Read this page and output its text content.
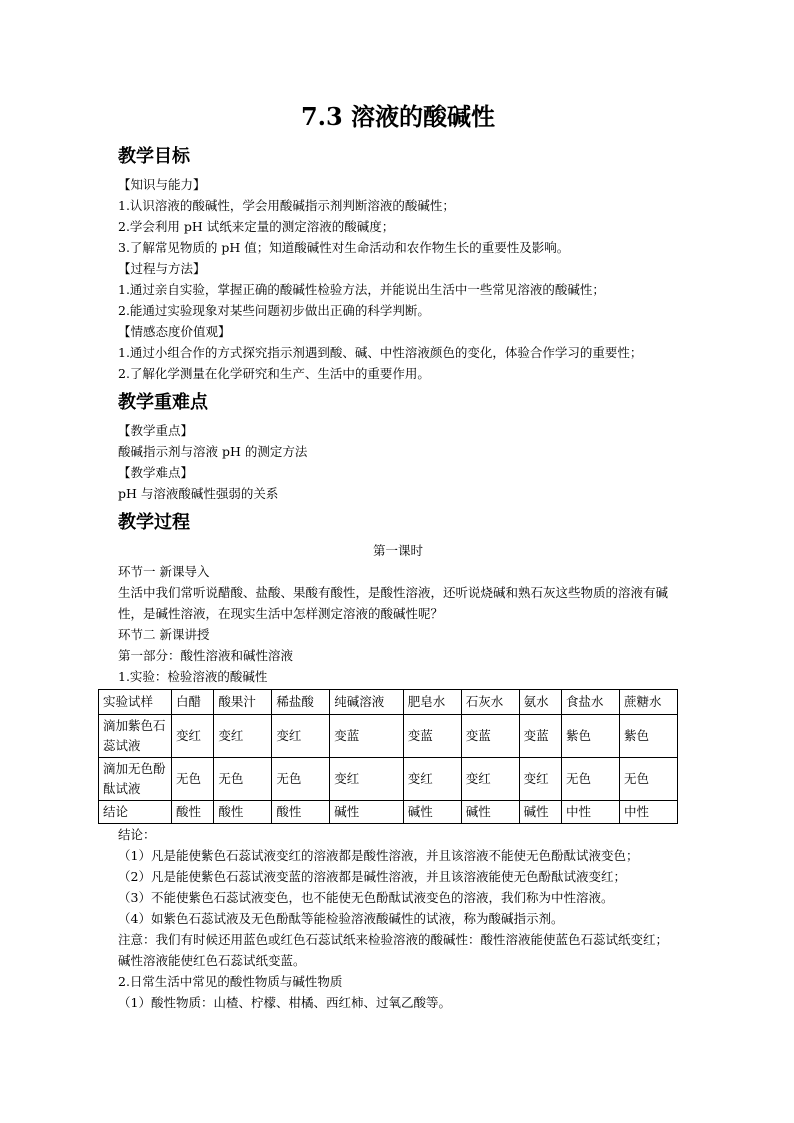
7.3 溶液的酸碱性
教学目标

【知识与能力】

1.认识溶液的酸碱性，学会用酸碱指示剂判断溶液的酸碱性；

2.学会利用 pH 试纸来定量的测定溶液的酸碱度；

3.了解常见物质的 pH 值；知道酸碱性对生命活动和农作物生长的重要性及影响。

【过程与方法】

1.通过亲自实验，掌握正确的酸碱性检验方法，并能说出生活中一些常见溶液的酸碱性；

2.能通过实验现象对某些问题初步做出正确的科学判断。

【情感态度价值观】

1.通过小组合作的方式探究指示剂遇到酸、碱、中性溶液颜色的变化，体验合作学习的重要性；

2.了解化学测量在化学研究和生产、生活中的重要作用。

教学重难点

【教学重点】

酸碱指示剂与溶液 pH 的测定方法

【教学难点】

pH 与溶液酸碱性强弱的关系

教学过程

第一课时

环节一 新课导入

生活中我们常听说醋酸、盐酸、果酸有酸性，是酸性溶液，还听说烧碱和熟石灰这些物质的溶液有碱性，是碱性溶液，在现实生活中怎样测定溶液的酸碱性呢？

环节二 新课讲授

第一部分：酸性溶液和碱性溶液

1.实验：检验溶液的酸碱性

实验试样	白醋	酸果汁	稀盐酸	纯碱溶液	肥皂水	石灰水	氨水	食盐水	蔗糖水
滴加紫色石蕊试液	变红	变红	变红	变蓝	变蓝	变蓝	变蓝	紫色	紫色
滴加无色酚酞试液	无色	无色	无色	变红	变红	变红	变红	无色	无色
结论	酸性	酸性	酸性	碱性	碱性	碱性	碱性	中性	中性

结论：

（1）凡是能使紫色石蕊试液变红的溶液都是酸性溶液，并且该溶液不能使无色酚酞试液变色；

（2）凡是能使紫色石蕊试液变蓝的溶液都是碱性溶液，并且该溶液能使无色酚酞试液变红；

（3）不能使紫色石蕊试液变色，也不能使无色酚酞试液变色的溶液，我们称为中性溶液。

（4）如紫色石蕊试液及无色酚酞等能检验溶液酸碱性的试液，称为酸碱指示剂。

注意：我们有时候还用蓝色或红色石蕊试纸来检验溶液的酸碱性：酸性溶液能使蓝色石蕊试纸变红；碱性溶液能使红色石蕊试纸变蓝。

2.日常生活中常见的酸性物质与碱性物质

（1）酸性物质：山楂、柠檬、柑橘、西红柿、过氧乙酸等。
